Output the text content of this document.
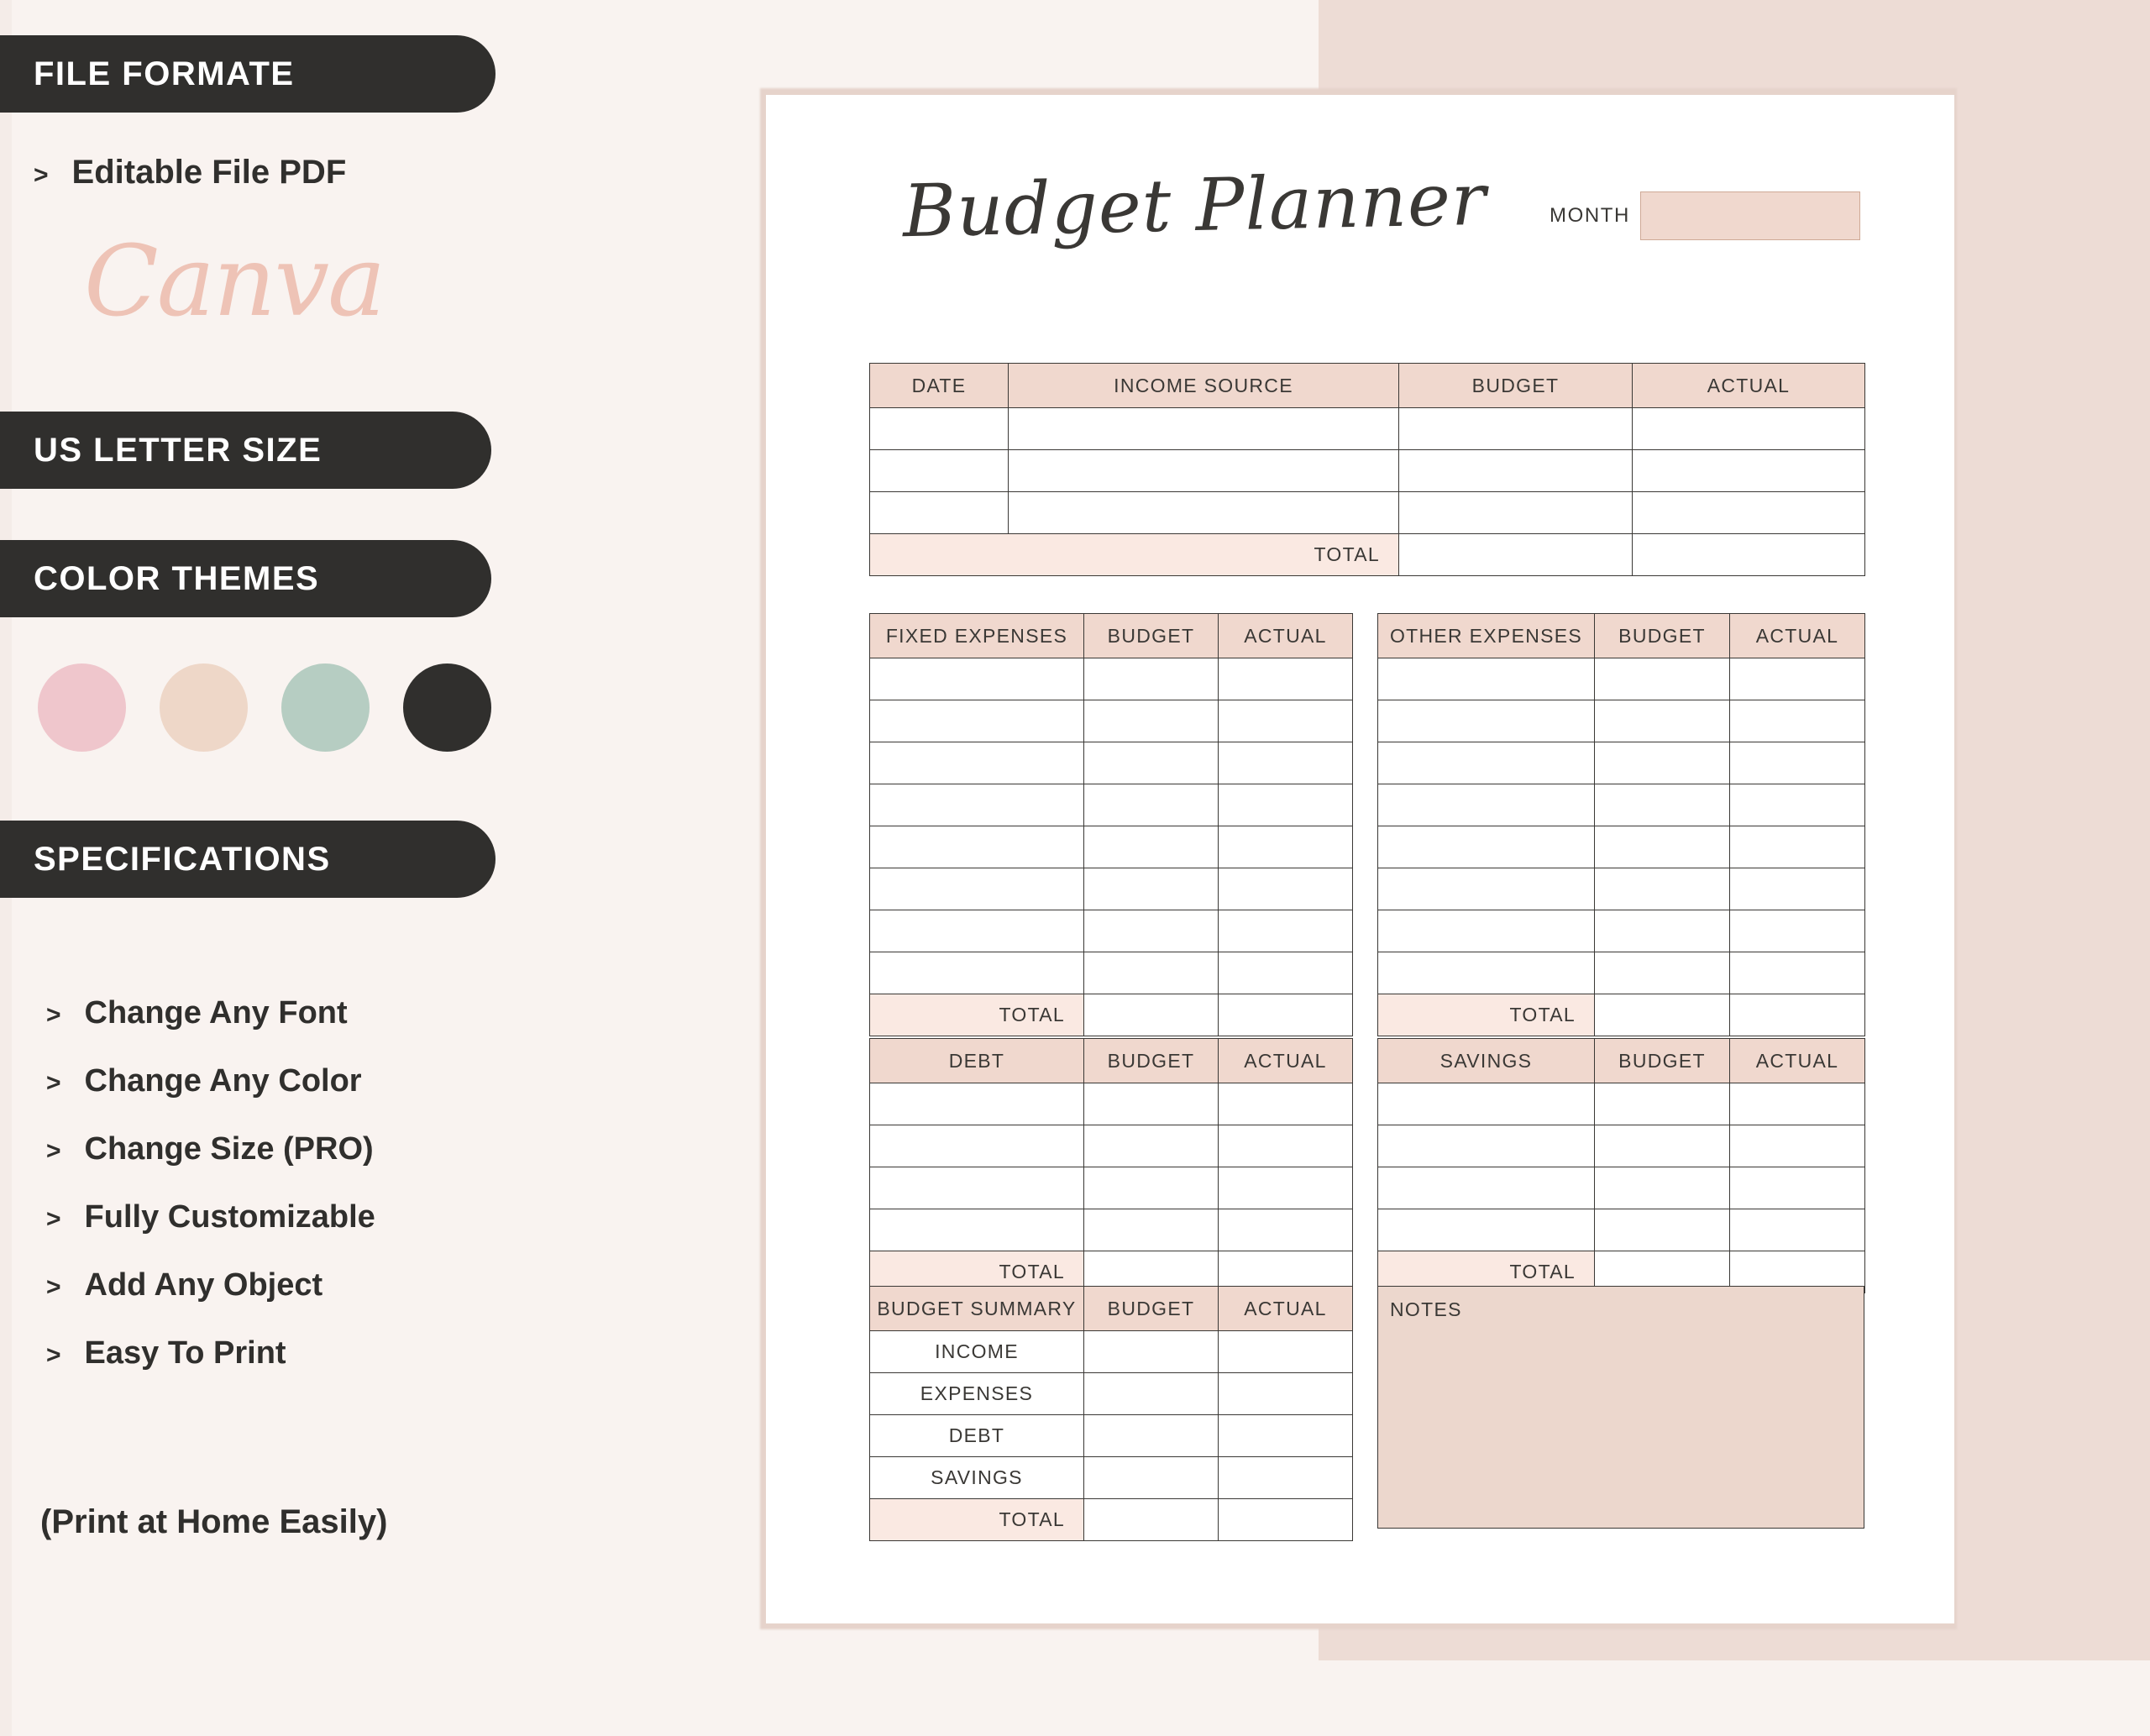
FILE FORMATE
> Editable File PDF
Canva
US LETTER SIZE
COLOR THEMES
SPECIFICATIONS
> Change Any Font
> Change Any Color
> Change Size (PRO)
> Fully Customizable
> Add Any Object
> Easy To Print
(Print at Home Easily)
Budget Planner	MONTH
DATE	INCOME SOURCE	BUDGET	ACTUAL

TOTAL			
FIXED EXPENSES	BUDGET	ACTUAL

TOTAL		
OTHER EXPENSES	BUDGET	ACTUAL

TOTAL		
DEBT	BUDGET	ACTUAL

TOTAL		
SAVINGS	BUDGET	ACTUAL

TOTAL		
BUDGET SUMMARY	BUDGET	ACTUAL
INCOME		
EXPENSES		
DEBT		
SAVINGS		
TOTAL		
NOTES
